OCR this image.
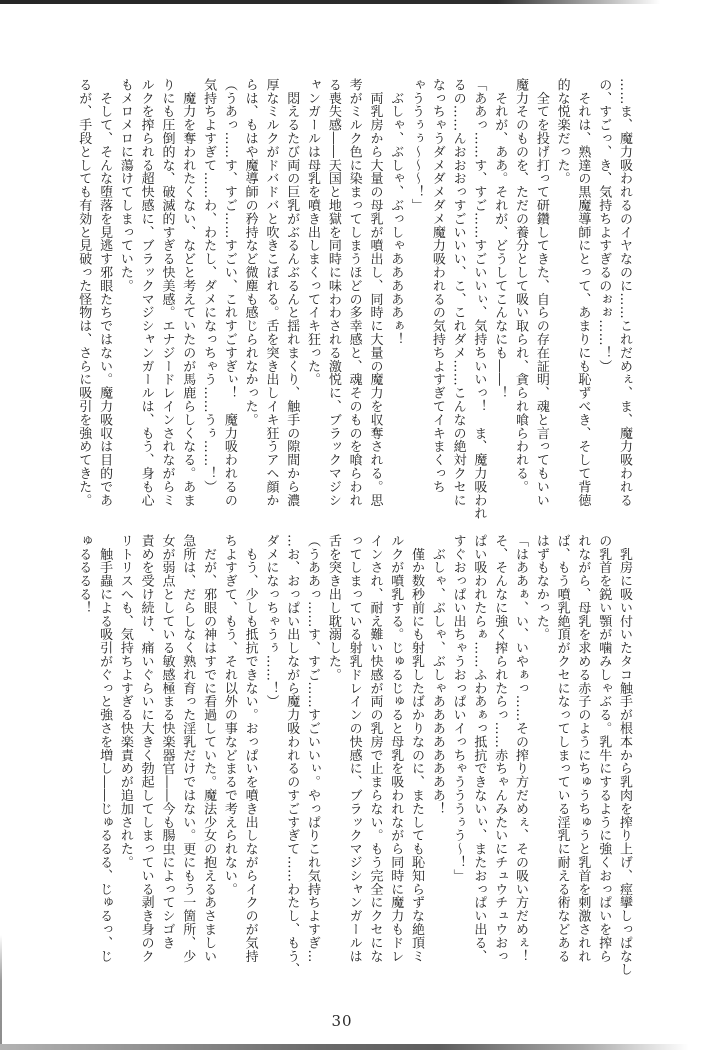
……ま、魔力吸われるのイヤなのに……これだめぇ、ま、魔力吸われる
の、すごっ、き、気持ちよすぎるのぉぉ……！）
　それは、熟達の黒魔導師にとって、あまりにも恥ずべき、そして背徳
的な悦楽だった。
　全てを投げ打って研鑽してきた、自らの存在証明、魂と言ってもいい
魔力そのものを、ただの養分として吸い取られ、貪られ喰らわれる。
　それが、ああ。それが、どうしてこんなにも――！
「ああっ……す、すご……すごいいぃ、気持ちいいっ！　ま、魔力吸われ
るの……んおおおっすごいいい、こ、これダメ……こんなの絶対クセに
なっちゃうダメダメダメ魔力吸われるの気持ちよすぎてイキまくっち
ゃううぅぅ～～～！」
　ぶしゃ、ぶしゃ、ぶっしゃあああああぁ！
　両乳房から大量の母乳が噴出し、同時に大量の魔力を収奪される。思
考がミルク色に染まってしまうほどの多幸感と、魂そのものを喰らわれ
る喪失感――天国と地獄を同時に味わわされる激悦に、ブラックマジシ
ャンガールは母乳を噴き出しまくってイキ狂った。
　悶えるたび両の巨乳がぶるんぶるんと揺れまくり、触手の隙間から濃
厚なミルクがドバドバと吹きこぼれる。舌を突き出しイキ狂うアヘ顔か
らは、もはや魔導師の矜持など微塵も感じられなかった。
（うあっ……す、すご……すごい、これすごすぎぃ！　魔力吸われるの
気持ちよすぎて……わ、わたし、ダメになっちゃう……うぅ……！）
　魔力を奪われたくない、などと考えていたのが馬鹿らしくなる。あま
りにも圧倒的な、破滅的すぎる快美感。エナジードレインされながらミ
ルクを搾られる超快感に、ブラックマジシャンガールは、もう、身も心
もメロメロに蕩けてしまっていた。
　そして、そんな堕落を見逃す邪眼たちではない。魔力吸収は目的であ
るが、手段としても有効と見破った怪物は、さらに吸引を強めてきた。
　乳房に吸い付いたタコ触手が根本から乳肉を搾り上げ、痙攣しっぱなし
の乳首を鋭い顎が噛みしゃぶる。乳牛にするように強くおっぱいを搾ら
れながら、母乳を求める赤子のようにちゅうちゅうと乳首を刺激されれ
ば、もう噴乳絶頂がクセになってしまっている淫乳に耐える術などある
はずもなかった。
「はああぁ、い、いやぁっ……その搾り方だめぇ、その吸い方だめぇ！
そ、そんなに強く搾られたらっ……赤ちゃんみたいにチュウチュウおっ
ぱい吸われたらぁ……ふわあぁっ抵抗できないぃ、またおっぱい出る、
すぐおっぱい出ちゃうおっぱいイっちゃうううぅう～！」
　ぶしゃ、ぶしゃ、ぶしゃああああああああ！
　僅か数秒前にも射乳したばかりなのに、またしても恥知らずな絶頂ミ
ルクが噴乳する。じゅるじゅると母乳を吸われながら同時に魔力もドレ
インされ、耐え難い快感が両の乳房で止まらない。もう完全にクセにな
ってしまっている射乳ドレインの快感に、ブラックマジシャンガールは
舌を突き出し耽溺した。
（うああっ……す、すご……すごいいぃ。やっぱりこれ気持ちよすぎ…
…お、おっぱい出しながら魔力吸われるのすごすぎて……わたし、もう、
ダメになっちゃうぅ……！）
　もう、少しも抵抗できない。おっぱいを噴き出しながらイクのが気持
ちよすぎて、もう、それ以外の事などまるで考えられない。
　だが、邪眼の神はすでに看過していた。魔法少女の抱えるあさましい
急所は、だらしなく熟れ育った淫乳だけではない。更にもう一箇所、少
女が弱点としている敏感極まる快楽器官――今も腸虫によってシゴき
責めを受け続け、痛いぐらいに大きく勃起してしまっている剥き身のク
リトリスへも、気持ちよすぎる快楽責めが追加された。
　触手蟲による吸引がぐっと強さを増し――じゅるるる、じゅるっ、じ
ゅるるるる！
30
